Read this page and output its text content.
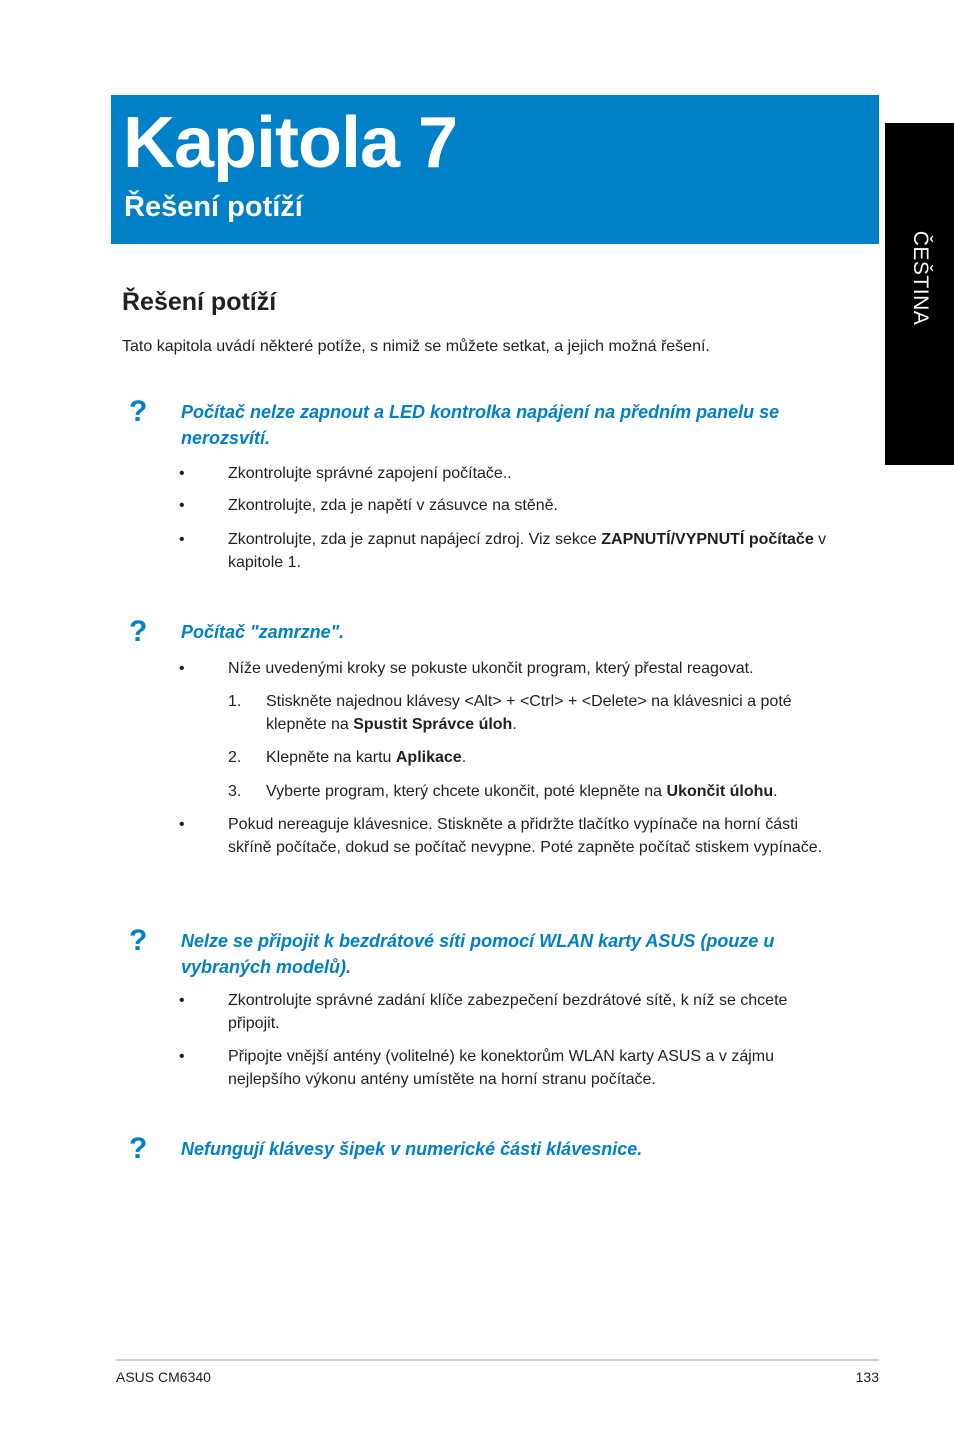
Kapitola 7
Řešení potíží
ČEŠTINA
Řešení potíží

Tato kapitola uvádí některé potíže, s nimiž se můžete setkat, a jejich možná řešení.

? Počítač nelze zapnout a LED kontrolka napájení na předním panelu se nerozsvítí.
•	Zkontrolujte správné zapojení počítače..
•	Zkontrolujte, zda je napětí v zásuvce na stěně.
•	Zkontrolujte, zda je zapnut napájecí zdroj. Viz sekce ZAPNUTÍ/VYPNUTÍ počítače v kapitole 1.
? Počítač "zamrzne".
•	Níže uvedenými kroky se pokuste ukončit program, který přestal reagovat.
1. Stiskněte najednou klávesy <Alt> + <Ctrl> + <Delete> na klávesnici a poté klepněte na Spustit Správce úloh.
2. Klepněte na kartu Aplikace.
3. Vyberte program, který chcete ukončit, poté klepněte na Ukončit úlohu.
•	Pokud nereaguje klávesnice. Stiskněte a přidržte tlačítko vypínače na horní části skříně počítače, dokud se počítač nevypne. Poté zapněte počítač stiskem vypínače.
? Nelze se připojit k bezdrátové síti pomocí WLAN karty ASUS (pouze u vybraných modelů).
•	Zkontrolujte správné zadání klíče zabezpečení bezdrátové sítě, k níž se chcete připojit.
•	Připojte vnější antény (volitelné) ke konektorům WLAN karty ASUS a v zájmu nejlepšího výkonu antény umístěte na horní stranu počítače.
? Nefungují klávesy šipek v numerické části klávesnice.
ASUS CM6340	133
